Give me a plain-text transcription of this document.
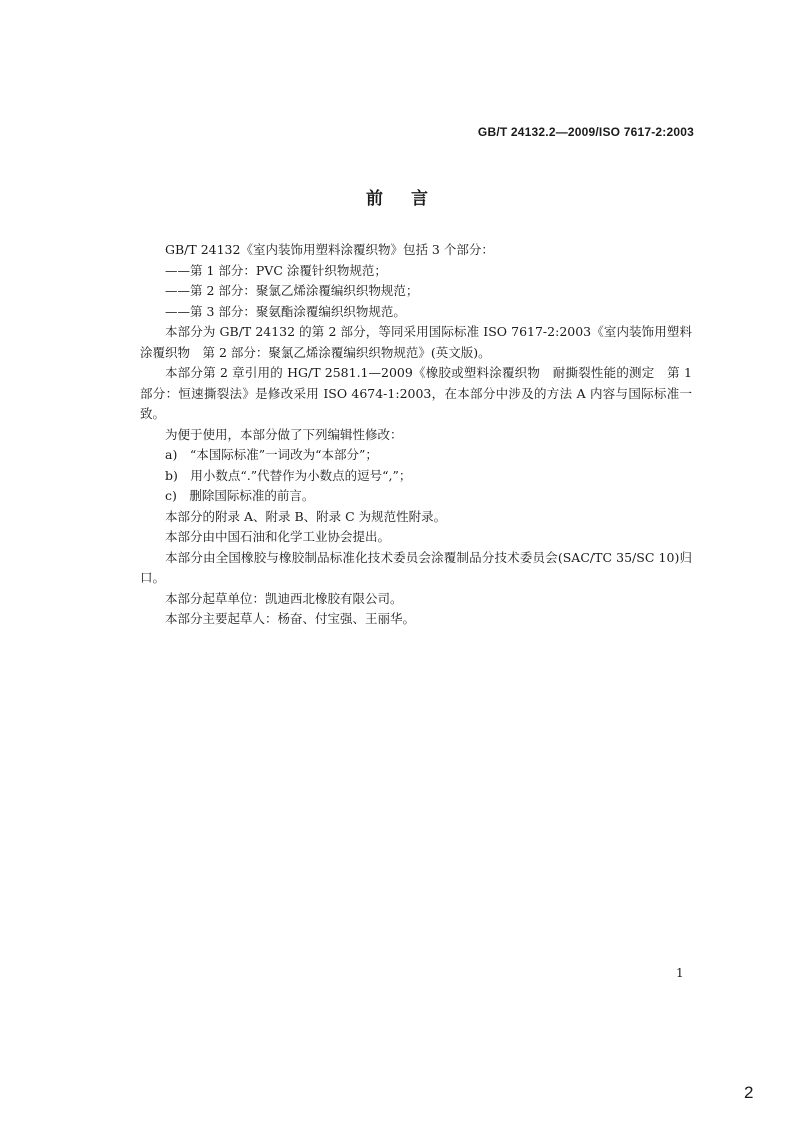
GB/T 24132.2—2009/ISO 7617-2:2003
前言

GB/T 24132《室内装饰用塑料涂覆织物》包括 3 个部分：

——第 1 部分：PVC 涂覆针织物规范；

——第 2 部分：聚氯乙烯涂覆编织织物规范；

——第 3 部分：聚氨酯涂覆编织织物规范。

本部分为 GB/T 24132 的第 2 部分，等同采用国际标准 ISO 7617-2:2003《室内装饰用塑料涂覆织物　第 2 部分：聚氯乙烯涂覆编织织物规范》(英文版)。

本部分第 2 章引用的 HG/T 2581.1—2009《橡胶或塑料涂覆织物　耐撕裂性能的测定　第 1 部分：恒速撕裂法》是修改采用 ISO 4674-1:2003，在本部分中涉及的方法 A 内容与国际标准一致。

为便于使用，本部分做了下列编辑性修改：

a)　“本国际标准”一词改为“本部分”；

b)　用小数点“.”代替作为小数点的逗号“,”；

c)　删除国际标准的前言。

本部分的附录 A、附录 B、附录 C 为规范性附录。

本部分由中国石油和化学工业协会提出。

本部分由全国橡胶与橡胶制品标准化技术委员会涂覆制品分技术委员会(SAC/TC 35/SC 10)归口。

本部分起草单位：凯迪西北橡胶有限公司。

本部分主要起草人：杨奋、付宝强、王丽华。

1
2
